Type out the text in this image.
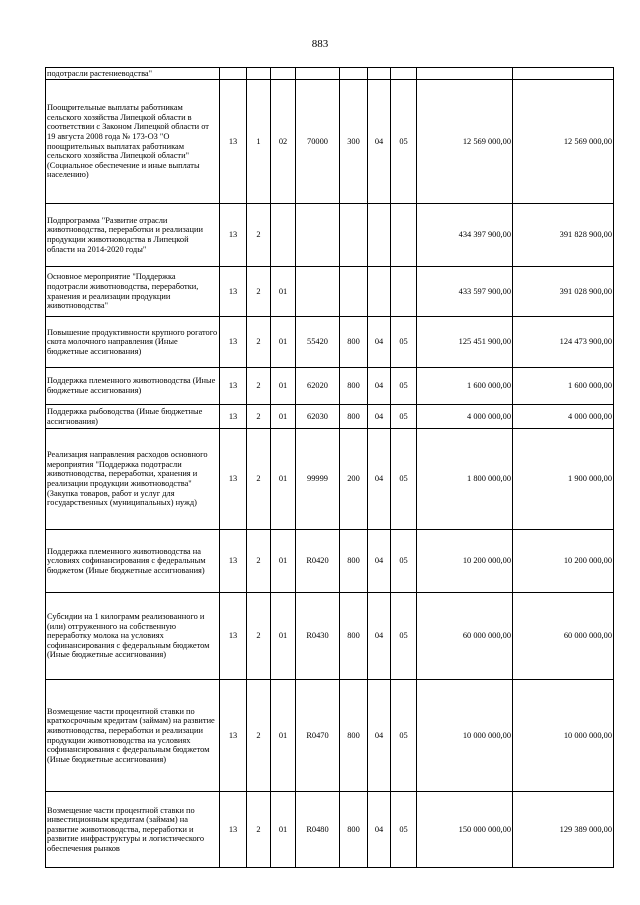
883
подотрасли растениеводства"									
Поощрительные выплаты работникам сельского хозяйства Липецкой области в соответствии с Законом Липецкой области от 19 августа 2008 года № 173-ОЗ "О поощрительных выплатах работникам сельского хозяйства Липецкой области" (Социальное обеспечение и иные выплаты населению)	13	1	02	70000	300	04	05	12 569 000,00	12 569 000,00
Подпрограмма "Развитие отрасли животноводства, переработки и реализации продукции животноводства в Липецкой области на 2014-2020 годы"	13	2						434 397 900,00	391 828 900,00
Основное мероприятие "Поддержка подотрасли животноводства, переработки, хранения и реализации продукции животноводства"	13	2	01					433 597 900,00	391 028 900,00
Повышение продуктивности крупного рогатого скота молочного направления (Иные бюджетные ассигнования)	13	2	01	55420	800	04	05	125 451 900,00	124 473 900,00
Поддержка племенного животноводства (Иные бюджетные ассигнования)	13	2	01	62020	800	04	05	1 600 000,00	1 600 000,00
Поддержка рыбоводства (Иные бюджетные ассигнования)	13	2	01	62030	800	04	05	4 000 000,00	4 000 000,00
Реализация направления расходов основного мероприятия "Поддержка подотрасли животноводства, переработки, хранения и реализации продукции животноводства" (Закупка товаров, работ и услуг для государственных (муниципальных) нужд)	13	2	01	99999	200	04	05	1 800 000,00	1 900 000,00
Поддержка племенного животноводства на условиях софинансирования с федеральным бюджетом (Иные бюджетные ассигнования)	13	2	01	R0420	800	04	05	10 200 000,00	10 200 000,00
Субсидии на 1 килограмм реализованного и (или) отгруженного на собственную переработку молока на условиях софинансирования с федеральным бюджетом (Иные бюджетные ассигнования)	13	2	01	R0430	800	04	05	60 000 000,00	60 000 000,00
Возмещение части процентной ставки по краткосрочным кредитам (займам) на развитие животноводства, переработки и реализации продукции животноводства на условиях софинансирования с федеральным бюджетом (Иные бюджетные ассигнования)	13	2	01	R0470	800	04	05	10 000 000,00	10 000 000,00
Возмещение части процентной ставки по инвестиционным кредитам (займам) на развитие животноводства, переработки и развитие инфраструктуры и логистического обеспечения рынков	13	2	01	R0480	800	04	05	150 000 000,00	129 389 000,00
